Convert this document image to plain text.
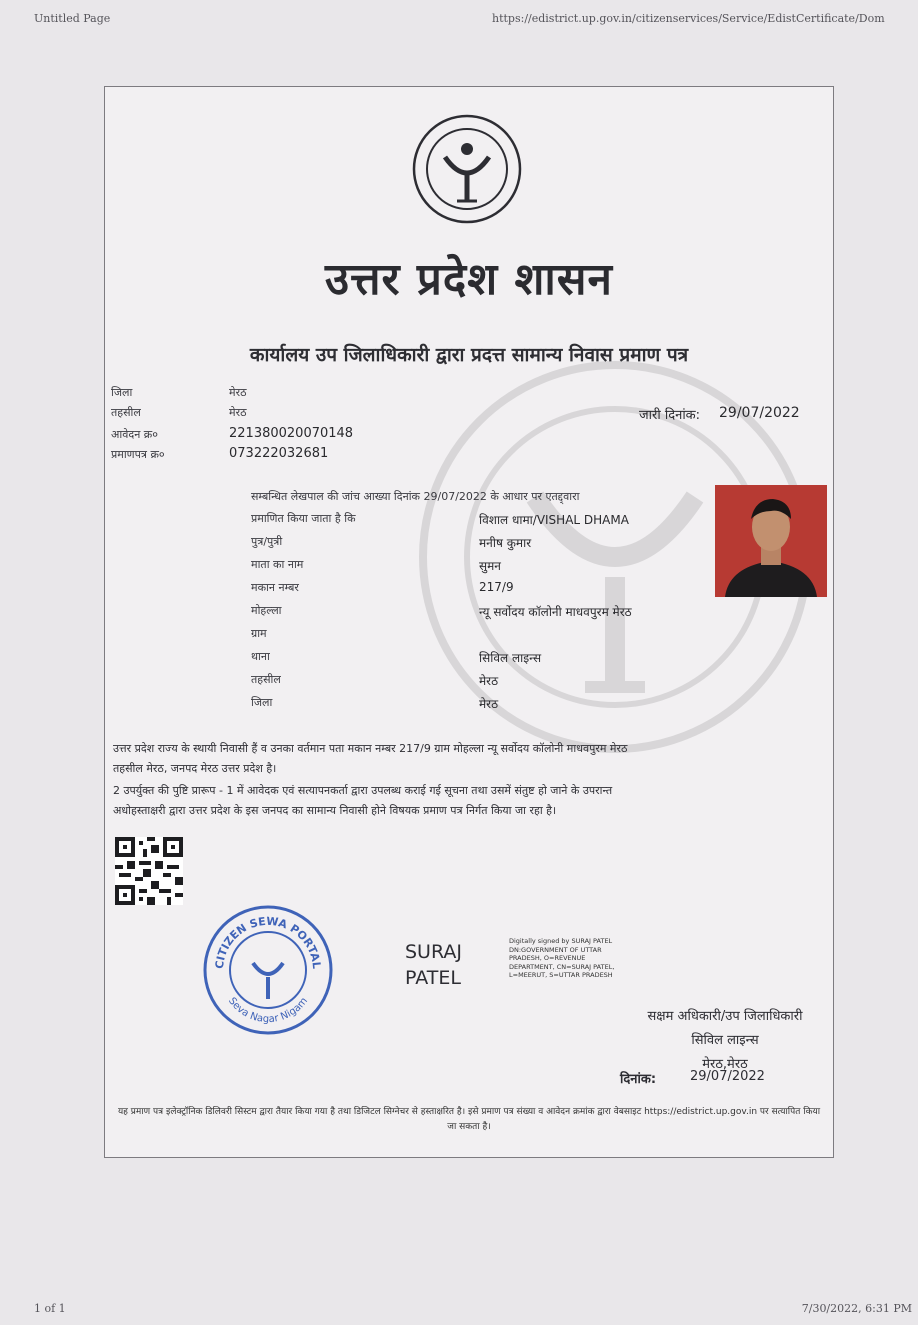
Untitled Page	https://edistrict.up.gov.in/citizenservices/Service/EdistCertificate/Dom
उत्तर प्रदेश शासन
कार्यालय उप जिलाधिकारी द्वारा प्रदत्त सामान्य निवास प्रमाण पत्र
जिला	मेरठ
तहसील	मेरठ
आवेदन क्र०	221380020070148
प्रमाणपत्र क्र०	073222032681
जारी दिनांक: 29/07/2022
सम्बन्धित लेखपाल की जांच आख्या दिनांक 29/07/2022 के आधार पर एतद्द्वारा
प्रमाणित किया जाता है कि	विशाल धामा/VISHAL DHAMA
पुत्र/पुत्री	मनीष कुमार
माता का नाम	सुमन
मकान नम्बर	217/9
मोहल्ला	न्यू सर्वोदय कॉलोनी माधवपुरम मेरठ
ग्राम
थाना	सिविल लाइन्स
तहसील	मेरठ
जिला	मेरठ
उत्तर प्रदेश राज्य के स्थायी निवासी हैं व उनका वर्तमान पता मकान नम्बर 217/9 ग्राम मोहल्ला न्यू सर्वोदय कॉलोनी माधवपुरम मेरठ
तहसील मेरठ, जनपद मेरठ उत्तर प्रदेश है।
2 उपर्युक्त की पुष्टि प्रारूप - 1 में आवेदक एवं सत्यापनकर्ता द्वारा उपलब्ध कराई गई सूचना तथा उसमें संतुष्ट हो जाने के उपरान्त
अधोहस्ताक्षरी द्वारा उत्तर प्रदेश के इस जनपद का सामान्य निवासी होने विषयक प्रमाण पत्र निर्गत किया जा रहा है।
CITIZEN SEWA PORTAL
Seva Nagar Nigam
SURAJ
PATEL
Digitally signed by SURAJ PATEL DN:GOVERNMENT OF UTTAR PRADESH, O=REVENUE DEPARTMENT, CN=SURAJ PATEL, L=MEERUT, S=UTTAR PRADESH
सक्षम अधिकारी/उप जिलाधिकारी
सिविल लाइन्स
मेरठ,मेरठ
दिनांक:	29/07/2022
यह प्रमाण पत्र इलेक्ट्रॉनिक डिलिवरी सिस्टम द्वारा तैयार किया गया है तथा डिजिटल सिग्नेचर से हस्ताक्षरित है। इसे प्रमाण पत्र संख्या व आवेदन क्रमांक द्वारा वेबसाइट https://edistrict.up.gov.in पर सत्यापित किया जा सकता है।
1 of 1	7/30/2022, 6:31 PM
